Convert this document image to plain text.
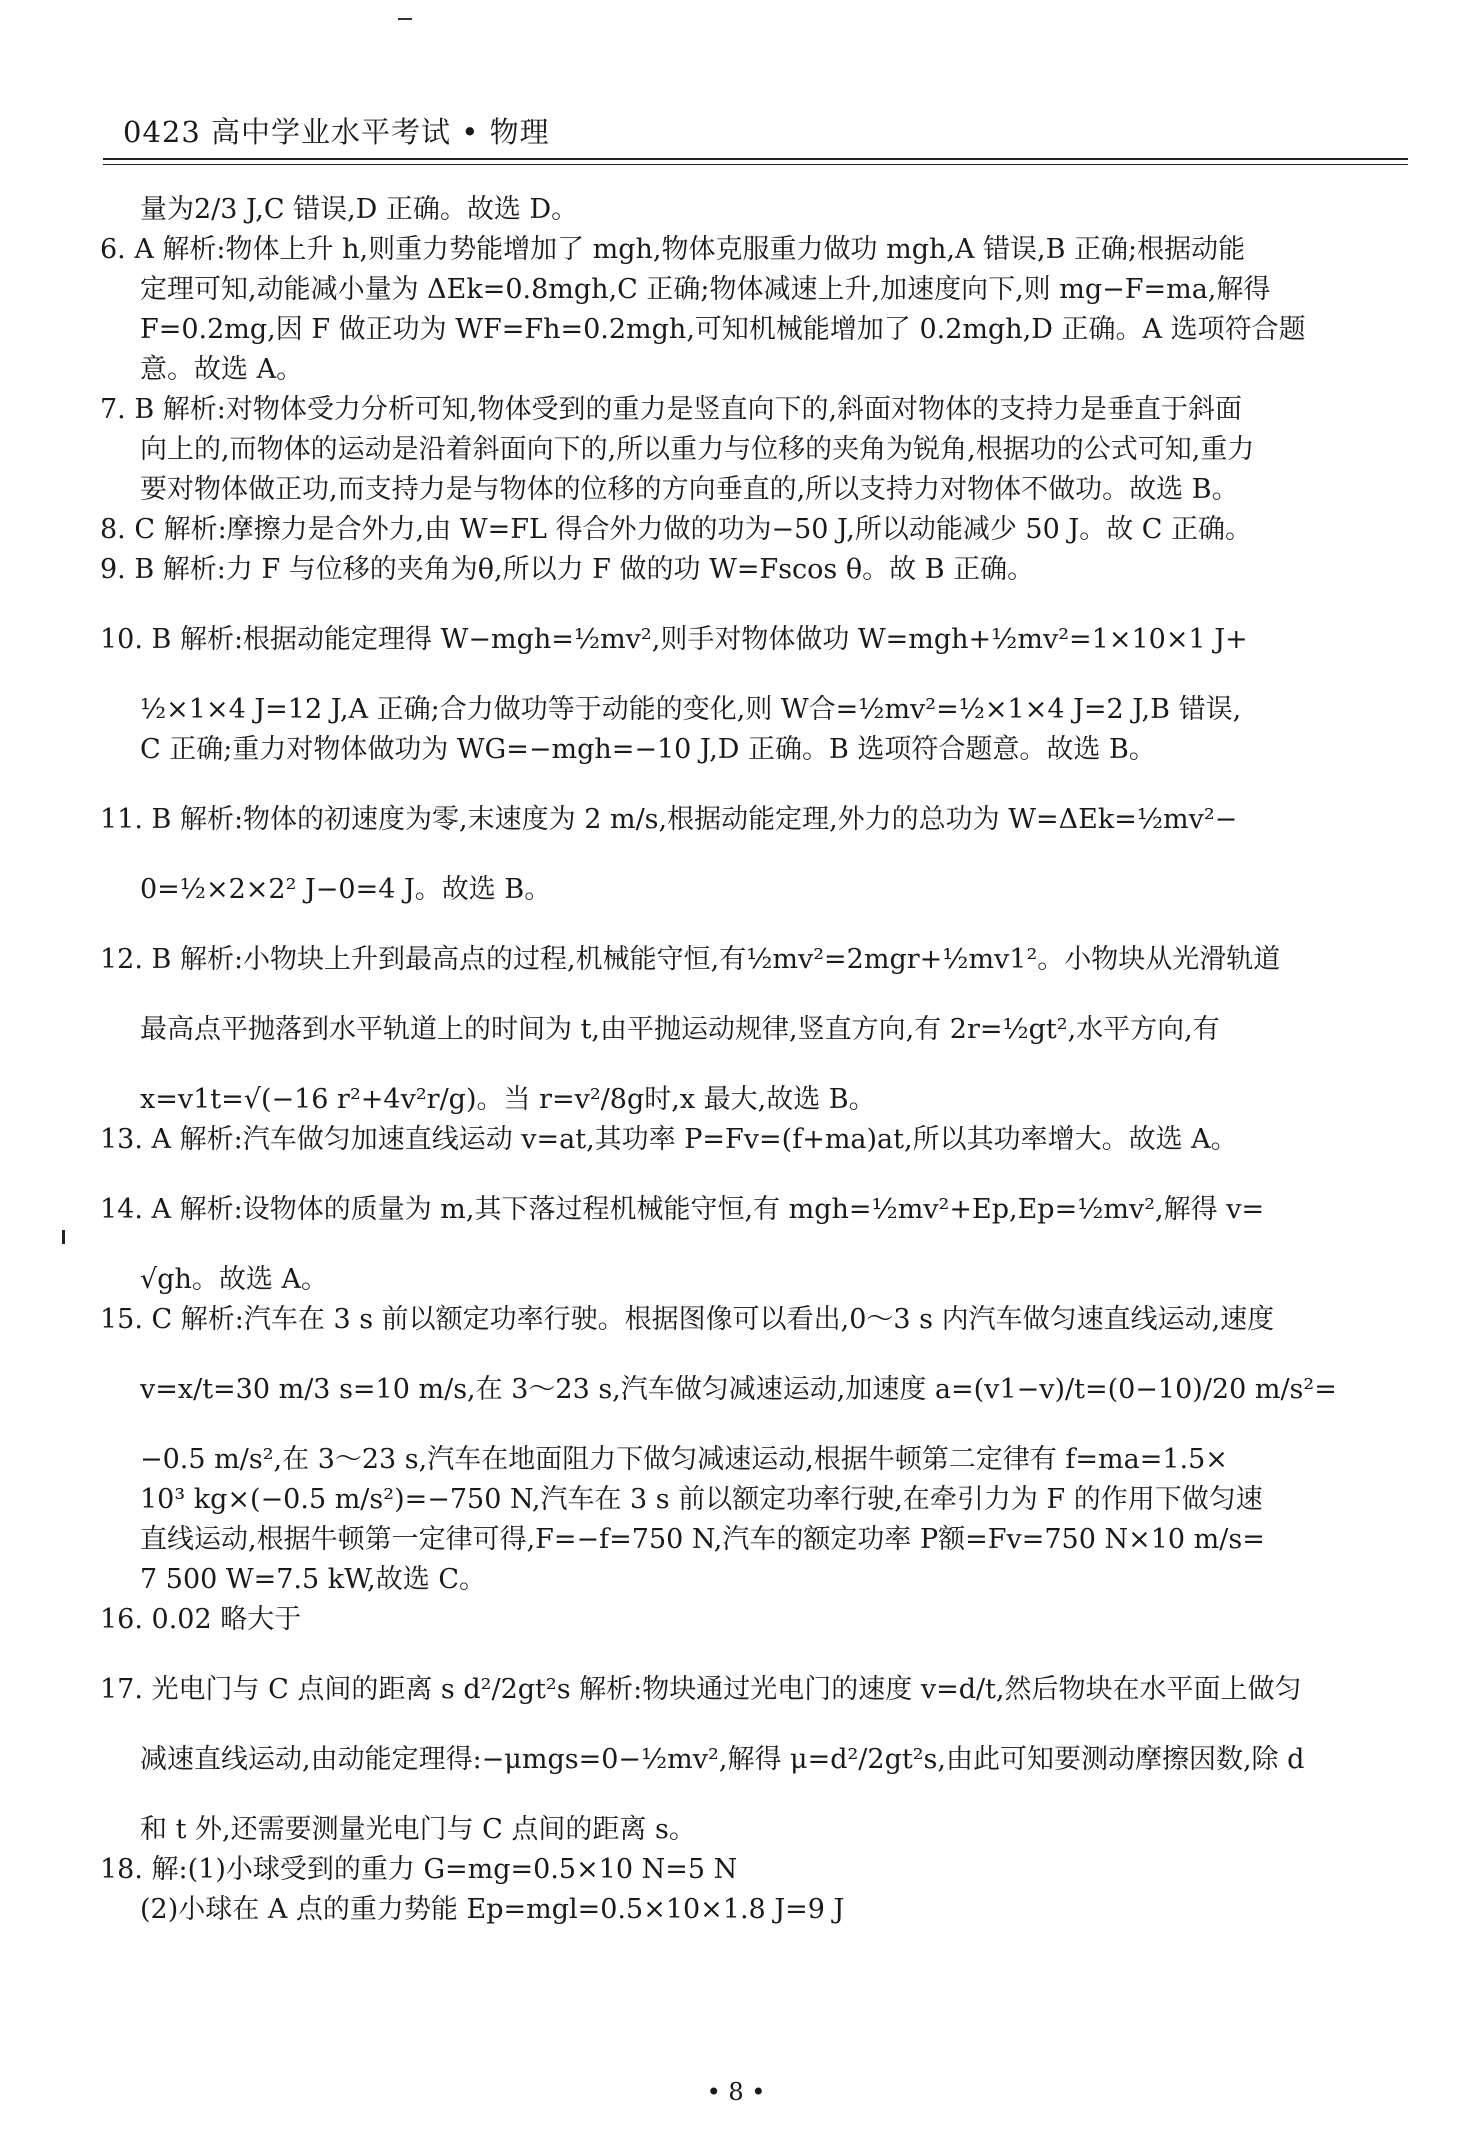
0423 高中学业水平考试 • 物理
量为2/3 J,C 错误,D 正确。故选 D。
6. A 解析:物体上升 h,则重力势能增加了 mgh,物体克服重力做功 mgh,A 错误,B 正确;根据动能
定理可知,动能减小量为 ΔEk=0.8mgh,C 正确;物体减速上升,加速度向下,则 mg−F=ma,解得
F=0.2mg,因 F 做正功为 WF=Fh=0.2mgh,可知机械能增加了 0.2mgh,D 正确。A 选项符合题
意。故选 A。
7. B 解析:对物体受力分析可知,物体受到的重力是竖直向下的,斜面对物体的支持力是垂直于斜面
向上的,而物体的运动是沿着斜面向下的,所以重力与位移的夹角为锐角,根据功的公式可知,重力
要对物体做正功,而支持力是与物体的位移的方向垂直的,所以支持力对物体不做功。故选 B。
8. C 解析:摩擦力是合外力,由 W=FL 得合外力做的功为−50 J,所以动能减少 50 J。故 C 正确。
9. B 解析:力 F 与位移的夹角为θ,所以力 F 做的功 W=Fscos θ。故 B 正确。
10. B 解析:根据动能定理得 W−mgh=½mv²,则手对物体做功 W=mgh+½mv²=1×10×1 J+
½×1×4 J=12 J,A 正确;合力做功等于动能的变化,则 W合=½mv²=½×1×4 J=2 J,B 错误,
C 正确;重力对物体做功为 WG=−mgh=−10 J,D 正确。B 选项符合题意。故选 B。
11. B 解析:物体的初速度为零,末速度为 2 m/s,根据动能定理,外力的总功为 W=ΔEk=½mv²−
0=½×2×2² J−0=4 J。故选 B。
12. B 解析:小物块上升到最高点的过程,机械能守恒,有½mv²=2mgr+½mv1²。小物块从光滑轨道
最高点平抛落到水平轨道上的时间为 t,由平抛运动规律,竖直方向,有 2r=½gt²,水平方向,有
x=v1t=√(−16 r²+4v²r/g)。当 r=v²/8g时,x 最大,故选 B。
13. A 解析:汽车做匀加速直线运动 v=at,其功率 P=Fv=(f+ma)at,所以其功率增大。故选 A。
14. A 解析:设物体的质量为 m,其下落过程机械能守恒,有 mgh=½mv²+Ep,Ep=½mv²,解得 v=
√gh。故选 A。
15. C 解析:汽车在 3 s 前以额定功率行驶。根据图像可以看出,0～3 s 内汽车做匀速直线运动,速度
v=x/t=30 m/3 s=10 m/s,在 3～23 s,汽车做匀减速运动,加速度 a=(v1−v)/t=(0−10)/20 m/s²=
−0.5 m/s²,在 3～23 s,汽车在地面阻力下做匀减速运动,根据牛顿第二定律有 f=ma=1.5×
10³ kg×(−0.5 m/s²)=−750 N,汽车在 3 s 前以额定功率行驶,在牵引力为 F 的作用下做匀速
直线运动,根据牛顿第一定律可得,F=−f=750 N,汽车的额定功率 P额=Fv=750 N×10 m/s=
7 500 W=7.5 kW,故选 C。
16. 0.02 略大于
17. 光电门与 C 点间的距离 s d²/2gt²s 解析:物块通过光电门的速度 v=d/t,然后物块在水平面上做匀
减速直线运动,由动能定理得:−μmgs=0−½mv²,解得 μ=d²/2gt²s,由此可知要测动摩擦因数,除 d
和 t 外,还需要测量光电门与 C 点间的距离 s。
18. 解:(1)小球受到的重力 G=mg=0.5×10 N=5 N
(2)小球在 A 点的重力势能 Ep=mgl=0.5×10×1.8 J=9 J
• 8 •
